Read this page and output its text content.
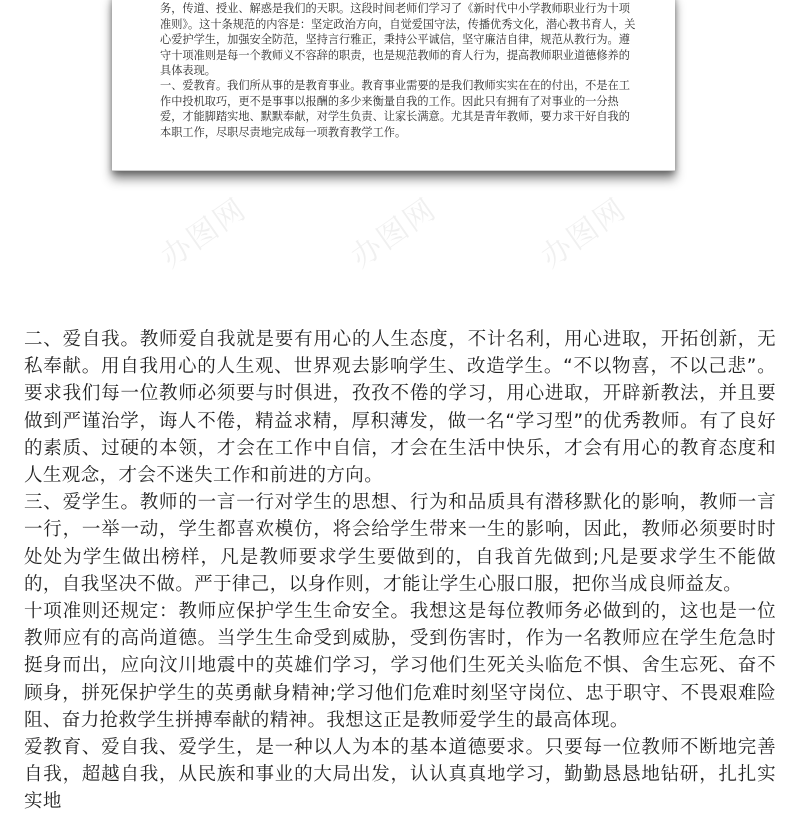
务，传道、授业、解惑是我们的天职。这段时间老师们学习了《新时代中小学教师职业行为十项准则》。这十条规范的内容是：坚定政治方向，自觉爱国守法，传播优秀文化，潜心教书育人，关心爱护学生，加强安全防范，坚持言行雅正，秉持公平诚信，坚守廉洁自律，规范从教行为。遵守十项准则是每一个教师义不容辞的职责，也是规范教师的育人行为，提高教师职业道德修养的具体表现。

一、爱教育。我们所从事的是教育事业。教育事业需要的是我们教师实实在在的付出，不是在工作中投机取巧，更不是事事以报酬的多少来衡量自我的工作。因此只有拥有了对事业的一分热爱，才能脚踏实地、默默奉献，对学生负责、让家长满意。尤其是青年教师，要力求干好自我的本职工作，尽职尽责地完成每一项教育教学工作。

办图网	办图网	办图网

二、爱自我。教师爱自我就是要有用心的人生态度，不计名利，用心进取，开拓创新，无私奉献。用自我用心的人生观、世界观去影响学生、改造学生。“不以物喜，不以己悲”。要求我们每一位教师必须要与时俱进，孜孜不倦的学习，用心进取，开辟新教法，并且要做到严谨治学，诲人不倦，精益求精，厚积薄发，做一名“学习型”的优秀教师。有了良好的素质、过硬的本领，才会在工作中自信，才会在生活中快乐，才会有用心的教育态度和人生观念，才会不迷失工作和前进的方向。

三、爱学生。教师的一言一行对学生的思想、行为和品质具有潜移默化的影响，教师一言一行，一举一动，学生都喜欢模仿，将会给学生带来一生的影响，因此，教师必须要时时处处为学生做出榜样，凡是教师要求学生要做到的，自我首先做到;凡是要求学生不能做的，自我坚决不做。严于律己，以身作则，才能让学生心服口服，把你当成良师益友。

十项准则还规定：教师应保护学生生命安全。我想这是每位教师务必做到的，这也是一位教师应有的高尚道德。当学生生命受到威胁，受到伤害时，作为一名教师应在学生危急时挺身而出，应向汶川地震中的英雄们学习，学习他们生死关头临危不惧、舍生忘死、奋不顾身，拼死保护学生的英勇献身精神;学习他们危难时刻坚守岗位、忠于职守、不畏艰难险阻、奋力抢救学生拼搏奉献的精神。我想这正是教师爱学生的最高体现。

爱教育、爱自我、爱学生，是一种以人为本的基本道德要求。只要每一位教师不断地完善自我，超越自我，从民族和事业的大局出发，认认真真地学习，勤勤恳恳地钻研，扎扎实实地
